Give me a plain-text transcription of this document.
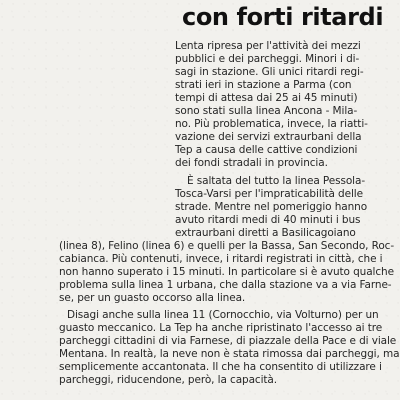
con forti ritardi
Lenta ripresa per l'attività dei mezzi
pubblici e dei parcheggi. Minori i di-
sagi in stazione. Gli unici ritardi regi-
strati ieri in stazione a Parma (con
tempi di attesa dai 25 ai 45 minuti)
sono stati sulla linea Ancona - Mila-
no. Più problematica, invece, la riatti-
vazione dei servizi extraurbani della
Tep a causa delle cattive condizioni
dei fondi stradali in provincia.
È saltata del tutto la linea Pessola-
Tosca-Varsi per l'impraticabilità delle
strade. Mentre nel pomeriggio hanno
avuto ritardi medi di 40 minuti i bus
extraurbani diretti a Basilicagoiano
(linea 8), Felino (linea 6) e quelli per la Bassa, San Secondo, Roc-
cabianca. Più contenuti, invece, i ritardi registrati in città, che i
non hanno superato i 15 minuti. In particolare si è avuto qualche
problema sulla linea 1 urbana, che dalla stazione va a via Farne-
se, per un guasto occorso alla linea.
Disagi anche sulla linea 11 (Cornocchio, via Volturno) per un
guasto meccanico. La Tep ha anche ripristinato l'accesso ai tre
parcheggi cittadini di via Farnese, di piazzale della Pace e di viale
Mentana. In realtà, la neve non è stata rimossa dai parcheggi, ma
semplicemente accantonata. Il che ha consentito di utilizzare i
parcheggi, riducendone, però, la capacità.
